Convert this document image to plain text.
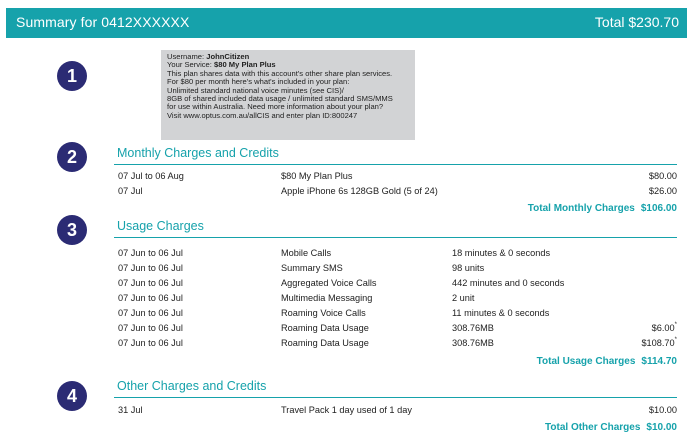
Summary for 0412XXXXXX	Total $230.70
1
2
3
4
Username: JohnCitizen
Your Service: $80 My Plan Plus
This plan shares data with this account's other share plan services.
For $80 per month here's what's included in your plan:
Unlimited standard national voice minutes (see CIS)/
8GB of shared included data usage / unlimited standard SMS/MMS
for use within Australia. Need more information about your plan?
Visit www.optus.com.au/allCIS and enter plan ID:800247
Monthly Charges and Credits
07 Jul to 06 Aug	$80 My Plan Plus	$80.00
07 Jul	Apple iPhone 6s 128GB Gold (5 of 24)	$26.00
Total Monthly Charges $106.00
Usage Charges
07 Jun to 06 Jul	Mobile Calls	18 minutes & 0 seconds
07 Jun to 06 Jul	Summary SMS	98 units
07 Jun to 06 Jul	Aggregated Voice Calls	442 minutes and 0 seconds
07 Jun to 06 Jul	Multimedia Messaging	2 unit
07 Jun to 06 Jul	Roaming Voice Calls	11 minutes & 0 seconds
07 Jun to 06 Jul	Roaming Data Usage	308.76MB	$6.00*
07 Jun to 06 Jul	Roaming Data Usage	308.76MB	$108.70*
Total Usage Charges $114.70
Other Charges and Credits
31 Jul	Travel Pack 1 day used of 1 day	$10.00
Total Other Charges $10.00
